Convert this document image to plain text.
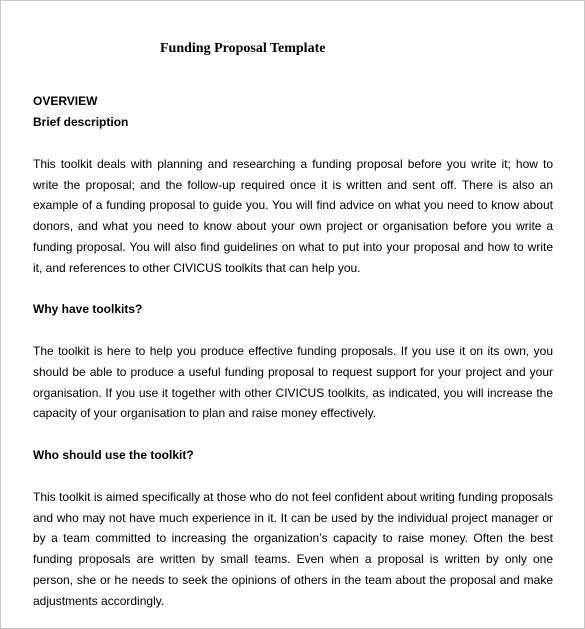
Funding Proposal Template
OVERVIEW
Brief description

This toolkit deals with planning and researching a funding proposal before you write it; how to write the proposal; and the follow-up required once it is written and sent off. There is also an example of a funding proposal to guide you. You will find advice on what you need to know about donors, and what you need to know about your own project or organisation before you write a funding proposal. You will also find guidelines on what to put into your proposal and how to write it, and references to other CIVICUS toolkits that can help you.

Why have toolkits?

The toolkit is here to help you produce effective funding proposals. If you use it on its own, you should be able to produce a useful funding proposal to request support for your project and your organisation. If you use it together with other CIVICUS toolkits, as indicated, you will increase the capacity of your organisation to plan and raise money effectively.

Who should use the toolkit?

This toolkit is aimed specifically at those who do not feel confident about writing funding proposals and who may not have much experience in it. It can be used by the individual project manager or by a team committed to increasing the organization’s capacity to raise money. Often the best funding proposals are written by small teams. Even when a proposal is written by only one person, she or he needs to seek the opinions of others in the team about the proposal and make adjustments accordingly.
